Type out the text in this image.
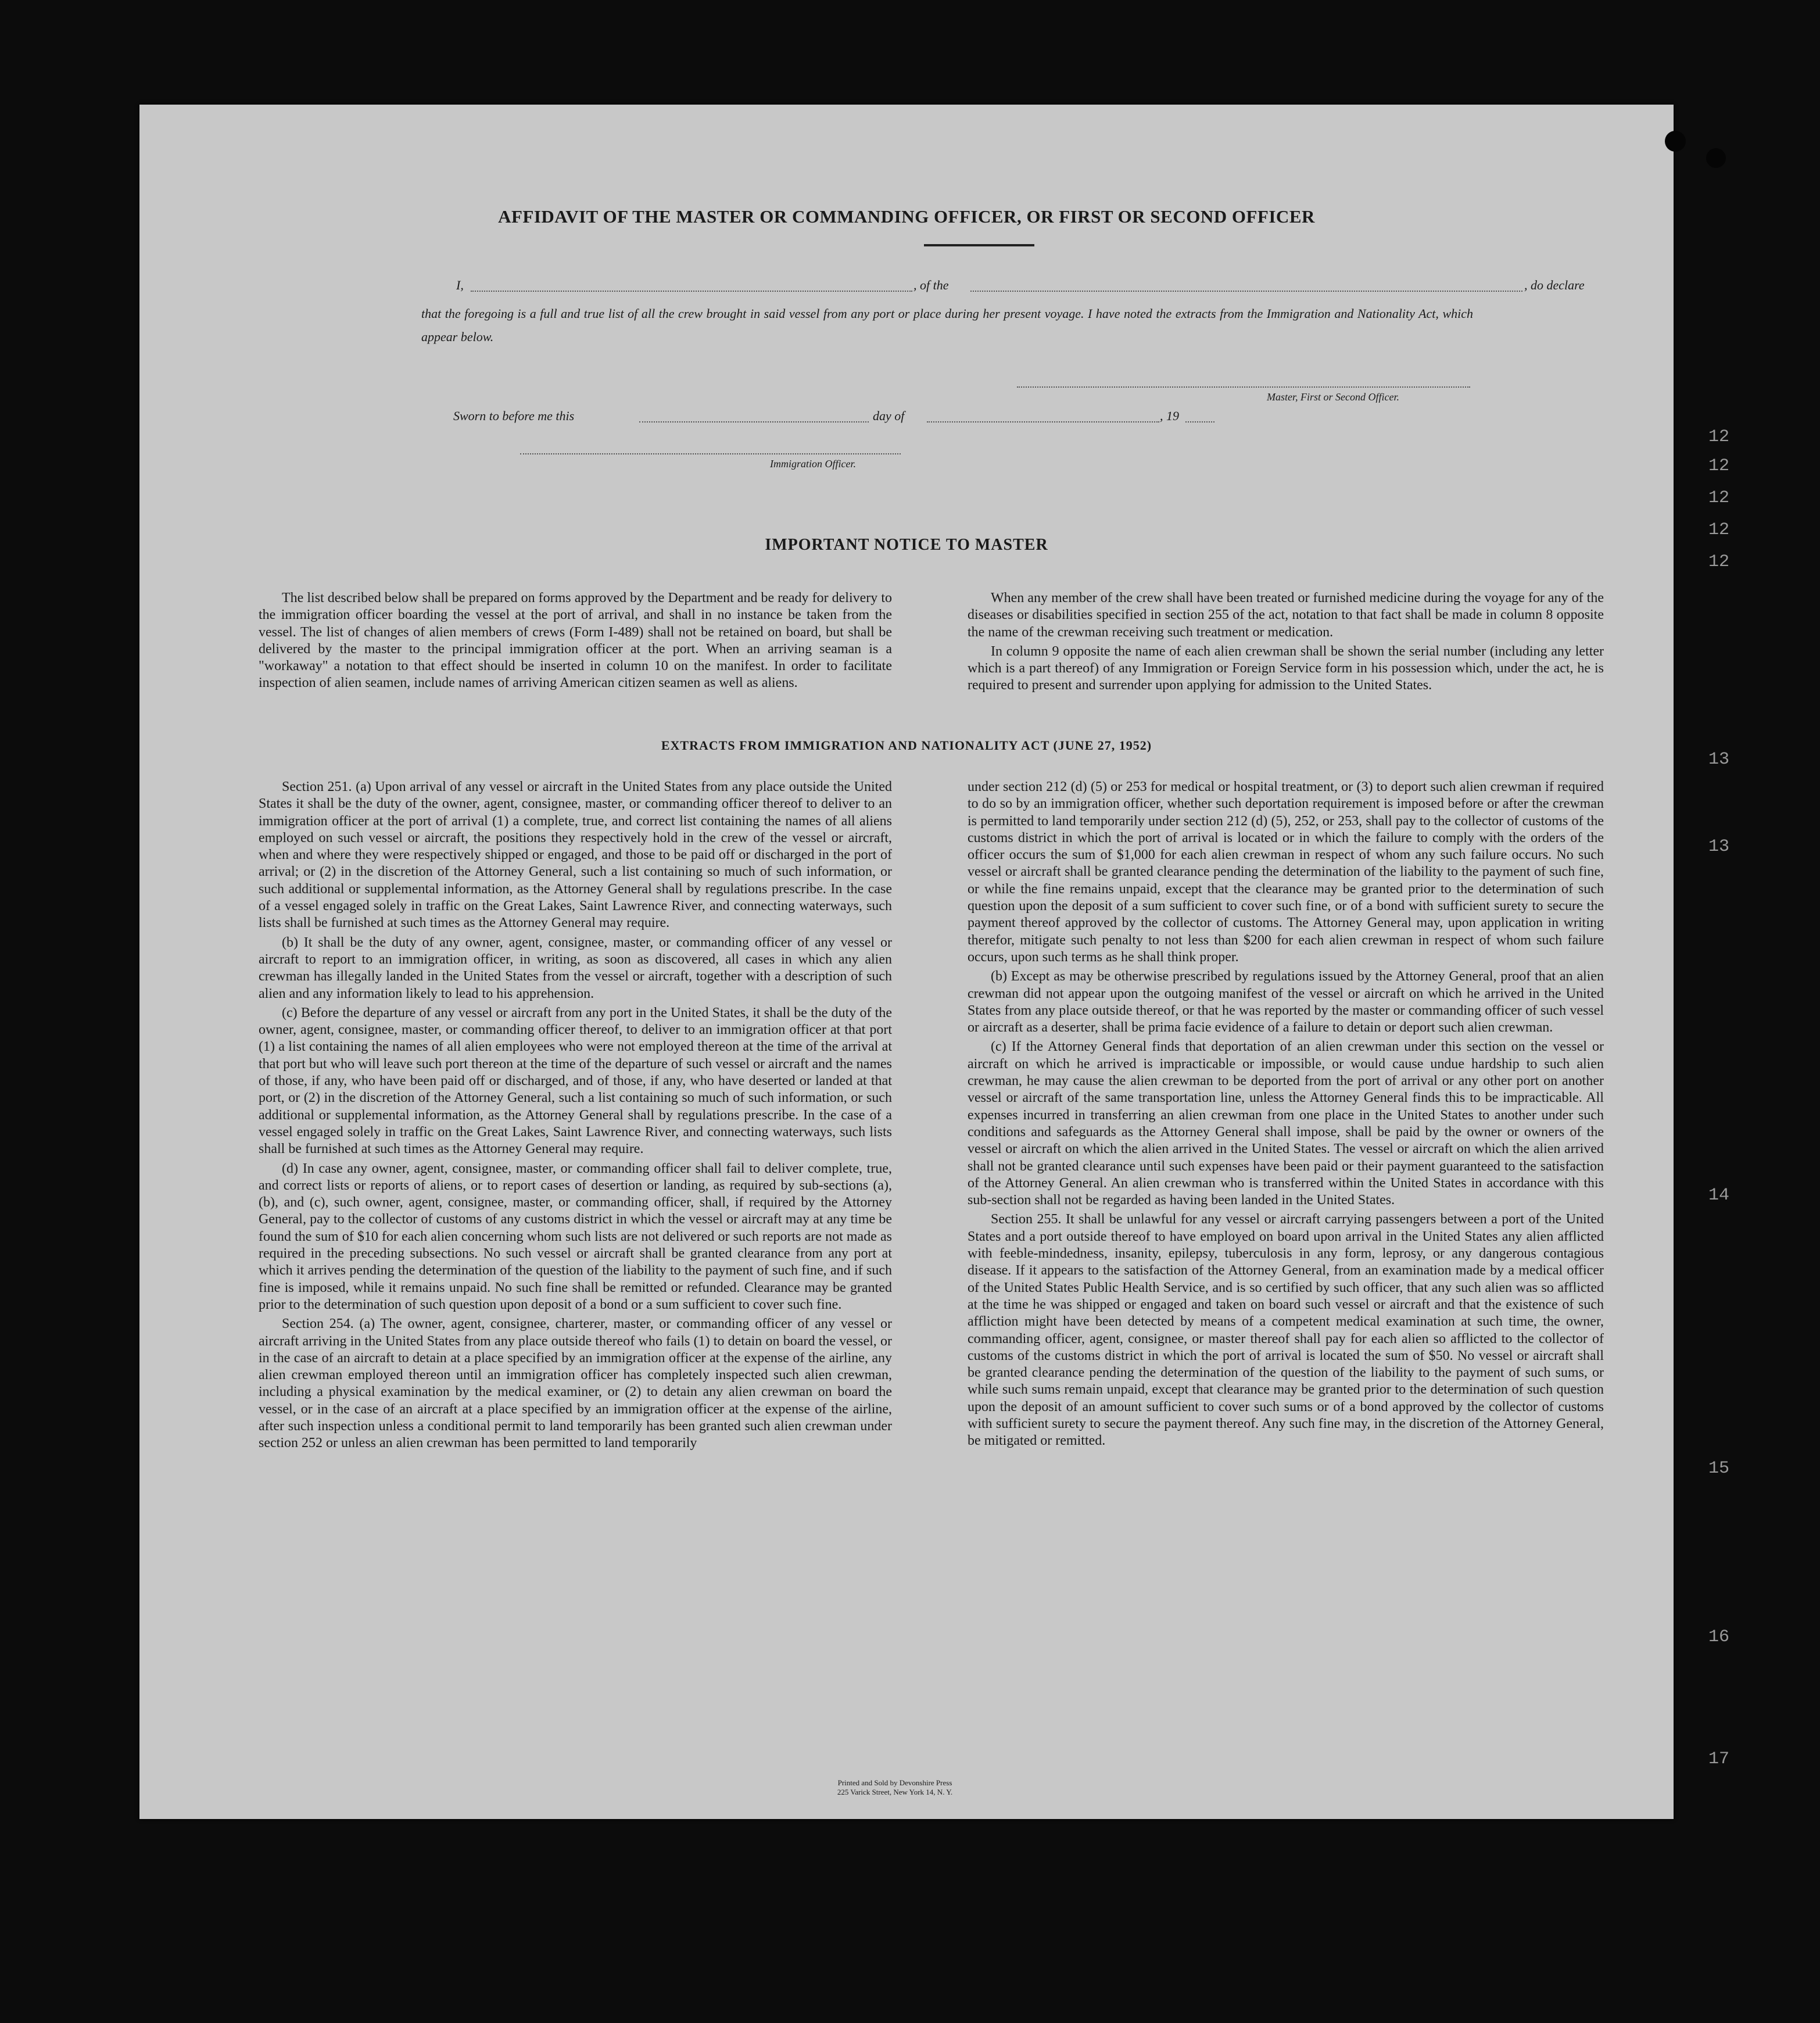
12
12
12
12
12
13
13
14
15
16
17
AFFIDAVIT OF THE MASTER OR COMMANDING OFFICER, OR FIRST OR SECOND OFFICER
I,	, of the	, do declare
that the foregoing is a full and true list of all the crew brought in said vessel from any port or place during her present voyage. I have noted the extracts from the Immigration and Nationality Act, which appear below.
Master, First or Second Officer.
Sworn to before me this	day of	, 19
Immigration Officer.
IMPORTANT NOTICE TO MASTER

The list described below shall be prepared on forms approved by the Department and be ready for delivery to the immigration officer boarding the vessel at the port of arrival, and shall in no instance be taken from the vessel. The list of changes of alien members of crews (Form I-489) shall not be retained on board, but shall be delivered by the master to the principal immigration officer at the port. When an arriving seaman is a "workaway" a notation to that effect should be inserted in column 10 on the manifest. In order to facilitate inspection of alien seamen, include names of arriving American citizen seamen as well as aliens.

When any member of the crew shall have been treated or furnished medicine during the voyage for any of the diseases or disabilities specified in section 255 of the act, notation to that fact shall be made in column 8 opposite the name of the crewman receiving such treatment or medication.

In column 9 opposite the name of each alien crewman shall be shown the serial number (including any letter which is a part thereof) of any Immigration or Foreign Service form in his possession which, under the act, he is required to present and surrender upon applying for admission to the United States.

EXTRACTS FROM IMMIGRATION AND NATIONALITY ACT (JUNE 27, 1952)

Section 251. (a) Upon arrival of any vessel or aircraft in the United States from any place outside the United States it shall be the duty of the owner, agent, consignee, master, or commanding officer thereof to deliver to an immigration officer at the port of arrival (1) a complete, true, and correct list containing the names of all aliens employed on such vessel or aircraft, the positions they respectively hold in the crew of the vessel or aircraft, when and where they were respectively shipped or engaged, and those to be paid off or discharged in the port of arrival; or (2) in the discretion of the Attorney General, such a list containing so much of such information, or such additional or supplemental information, as the Attorney General shall by regulations prescribe. In the case of a vessel engaged solely in traffic on the Great Lakes, Saint Lawrence River, and connecting waterways, such lists shall be furnished at such times as the Attorney General may require.

(b) It shall be the duty of any owner, agent, consignee, master, or commanding officer of any vessel or aircraft to report to an immigration officer, in writing, as soon as discovered, all cases in which any alien crewman has illegally landed in the United States from the vessel or aircraft, together with a description of such alien and any information likely to lead to his apprehension.

(c) Before the departure of any vessel or aircraft from any port in the United States, it shall be the duty of the owner, agent, consignee, master, or commanding officer thereof, to deliver to an immigration officer at that port (1) a list containing the names of all alien employees who were not employed thereon at the time of the arrival at that port but who will leave such port thereon at the time of the departure of such vessel or aircraft and the names of those, if any, who have been paid off or discharged, and of those, if any, who have deserted or landed at that port, or (2) in the discretion of the Attorney General, such a list containing so much of such information, or such additional or supplemental information, as the Attorney General shall by regulations prescribe. In the case of a vessel engaged solely in traffic on the Great Lakes, Saint Lawrence River, and connecting waterways, such lists shall be furnished at such times as the Attorney General may require.

(d) In case any owner, agent, consignee, master, or commanding officer shall fail to deliver complete, true, and correct lists or reports of aliens, or to report cases of desertion or landing, as required by sub-sections (a), (b), and (c), such owner, agent, consignee, master, or commanding officer, shall, if required by the Attorney General, pay to the collector of customs of any customs district in which the vessel or aircraft may at any time be found the sum of $10 for each alien concerning whom such lists are not delivered or such reports are not made as required in the preceding subsections. No such vessel or aircraft shall be granted clearance from any port at which it arrives pending the determination of the question of the liability to the payment of such fine, and if such fine is imposed, while it remains unpaid. No such fine shall be remitted or refunded. Clearance may be granted prior to the determination of such question upon deposit of a bond or a sum sufficient to cover such fine.

Section 254. (a) The owner, agent, consignee, charterer, master, or commanding officer of any vessel or aircraft arriving in the United States from any place outside thereof who fails (1) to detain on board the vessel, or in the case of an aircraft to detain at a place specified by an immigration officer at the expense of the airline, any alien crewman employed thereon until an immigration officer has completely inspected such alien crewman, including a physical examination by the medical examiner, or (2) to detain any alien crewman on board the vessel, or in the case of an aircraft at a place specified by an immigration officer at the expense of the airline, after such inspection unless a conditional permit to land temporarily has been granted such alien crewman under section 252 or unless an alien crewman has been permitted to land temporarily

under section 212 (d) (5) or 253 for medical or hospital treatment, or (3) to deport such alien crewman if required to do so by an immigration officer, whether such deportation requirement is imposed before or after the crewman is permitted to land temporarily under section 212 (d) (5), 252, or 253, shall pay to the collector of customs of the customs district in which the port of arrival is located or in which the failure to comply with the orders of the officer occurs the sum of $1,000 for each alien crewman in respect of whom any such failure occurs. No such vessel or aircraft shall be granted clearance pending the determination of the liability to the payment of such fine, or while the fine remains unpaid, except that the clearance may be granted prior to the determination of such question upon the deposit of a sum sufficient to cover such fine, or of a bond with sufficient surety to secure the payment thereof approved by the collector of customs. The Attorney General may, upon application in writing therefor, mitigate such penalty to not less than $200 for each alien crewman in respect of whom such failure occurs, upon such terms as he shall think proper.

(b) Except as may be otherwise prescribed by regulations issued by the Attorney General, proof that an alien crewman did not appear upon the outgoing manifest of the vessel or aircraft on which he arrived in the United States from any place outside thereof, or that he was reported by the master or commanding officer of such vessel or aircraft as a deserter, shall be prima facie evidence of a failure to detain or deport such alien crewman.

(c) If the Attorney General finds that deportation of an alien crewman under this section on the vessel or aircraft on which he arrived is impracticable or impossible, or would cause undue hardship to such alien crewman, he may cause the alien crewman to be deported from the port of arrival or any other port on another vessel or aircraft of the same transportation line, unless the Attorney General finds this to be impracticable. All expenses incurred in transferring an alien crewman from one place in the United States to another under such conditions and safeguards as the Attorney General shall impose, shall be paid by the owner or owners of the vessel or aircraft on which the alien arrived in the United States. The vessel or aircraft on which the alien arrived shall not be granted clearance until such expenses have been paid or their payment guaranteed to the satisfaction of the Attorney General. An alien crewman who is transferred within the United States in accordance with this sub-section shall not be regarded as having been landed in the United States.

Section 255. It shall be unlawful for any vessel or aircraft carrying passengers between a port of the United States and a port outside thereof to have employed on board upon arrival in the United States any alien afflicted with feeble-mindedness, insanity, epilepsy, tuberculosis in any form, leprosy, or any dangerous contagious disease. If it appears to the satisfaction of the Attorney General, from an examination made by a medical officer of the United States Public Health Service, and is so certified by such officer, that any such alien was so afflicted at the time he was shipped or engaged and taken on board such vessel or aircraft and that the existence of such affliction might have been detected by means of a competent medical examination at such time, the owner, commanding officer, agent, consignee, or master thereof shall pay for each alien so afflicted to the collector of customs of the customs district in which the port of arrival is located the sum of $50. No vessel or aircraft shall be granted clearance pending the determination of the question of the liability to the payment of such sums, or while such sums remain unpaid, except that clearance may be granted prior to the determination of such question upon the deposit of an amount sufficient to cover such sums or of a bond approved by the collector of customs with sufficient surety to secure the payment thereof. Any such fine may, in the discretion of the Attorney General, be mitigated or remitted.

Printed and Sold by Devonshire Press
225 Varick Street, New York 14, N. Y.
